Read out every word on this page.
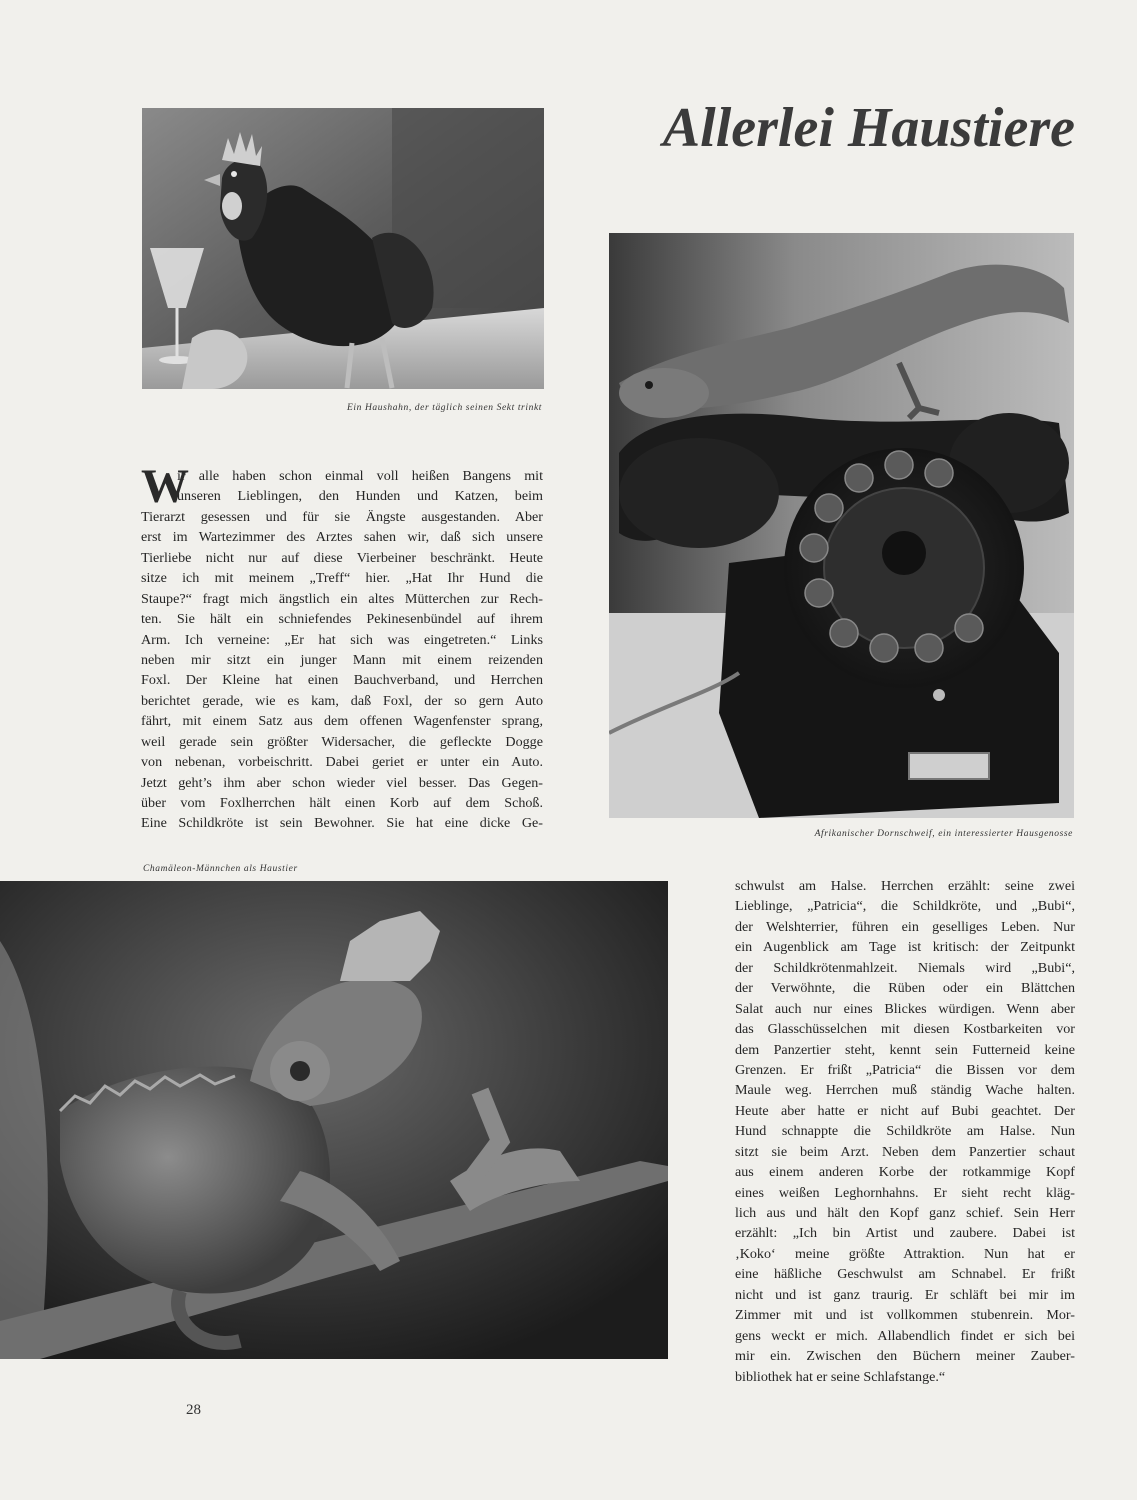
Allerlei Haustiere
Ein Haushahn, der täglich seinen Sekt trinkt
Afrikanischer Dornschweif, ein interessierter Hausgenosse
W
ir alle haben schon einmal voll heißen Bangens mit
unseren Lieblingen, den Hunden und Katzen, beim
Tierarzt gesessen und für sie Ängste ausgestanden. Aber
erst im Wartezimmer des Arztes sahen wir, daß sich unsere
Tierliebe nicht nur auf diese Vierbeiner beschränkt. Heute
sitze ich mit meinem „Treff“ hier. „Hat Ihr Hund die
Staupe?“ fragt mich ängstlich ein altes Mütterchen zur Rech-
ten. Sie hält ein schniefendes Pekinesenbündel auf ihrem
Arm. Ich verneine: „Er hat sich was eingetreten.“ Links
neben mir sitzt ein junger Mann mit einem reizenden
Foxl. Der Kleine hat einen Bauchverband, und Herrchen
berichtet gerade, wie es kam, daß Foxl, der so gern Auto
fährt, mit einem Satz aus dem offenen Wagenfenster sprang,
weil gerade sein größter Widersacher, die gefleckte Dogge
von nebenan, vorbeischritt. Dabei geriet er unter ein Auto.
Jetzt geht’s ihm aber schon wieder viel besser. Das Gegen-
über vom Foxlherrchen hält einen Korb auf dem Schoß.
Eine Schildkröte ist sein Bewohner. Sie hat eine dicke Ge-
Chamäleon-Männchen als Haustier
schwulst am Halse. Herrchen erzählt: seine zwei
Lieblinge, „Patricia“, die Schildkröte, und „Bubi“,
der Welshterrier, führen ein geselliges Leben. Nur
ein Augenblick am Tage ist kritisch: der Zeitpunkt
der Schildkrötenmahlzeit. Niemals wird „Bubi“,
der Verwöhnte, die Rüben oder ein Blättchen
Salat auch nur eines Blickes würdigen. Wenn aber
das Glasschüsselchen mit diesen Kostbarkeiten vor
dem Panzertier steht, kennt sein Futterneid keine
Grenzen. Er frißt „Patricia“ die Bissen vor dem
Maule weg. Herrchen muß ständig Wache halten.
Heute aber hatte er nicht auf Bubi geachtet. Der
Hund schnappte die Schildkröte am Halse. Nun
sitzt sie beim Arzt. Neben dem Panzertier schaut
aus einem anderen Korbe der rotkammige Kopf
eines weißen Leghornhahns. Er sieht recht kläg-
lich aus und hält den Kopf ganz schief. Sein Herr
erzählt: „Ich bin Artist und zaubere. Dabei ist
‚Koko‘ meine größte Attraktion. Nun hat er
eine häßliche Geschwulst am Schnabel. Er frißt
nicht und ist ganz traurig. Er schläft bei mir im
Zimmer mit und ist vollkommen stubenrein. Mor-
gens weckt er mich. Allabendlich findet er sich bei
mir ein. Zwischen den Büchern meiner Zauber-
bibliothek hat er seine Schlafstange.“
28
